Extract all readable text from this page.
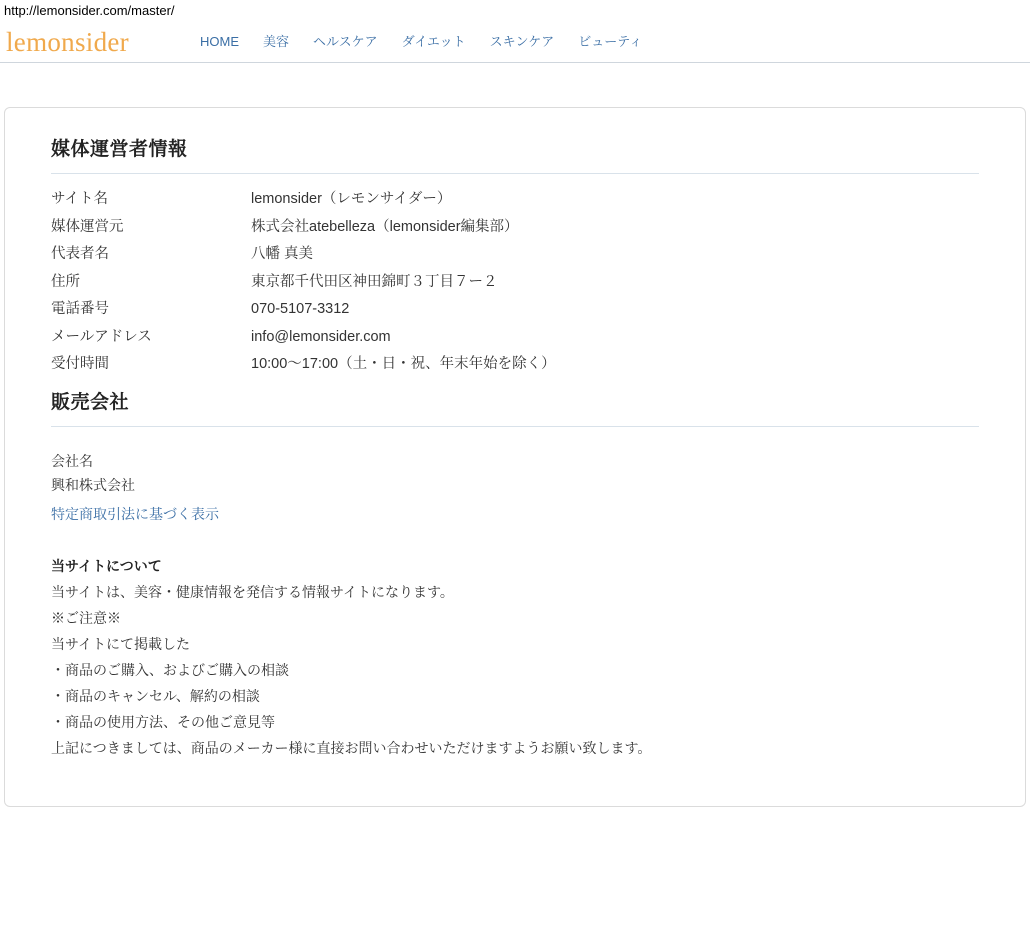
http://lemonsider.com/master/
lemonsider	HOME 美容 ヘルスケア ダイエット スキンケア ビューティ
媒体運営者情報
サイト名	lemonsider（レモンサイダー）
媒体運営元	株式会社atebelleza（lemonsider編集部）
代表者名	八幡 真美
住所	東京都千代田区神田錦町３丁目７ー２
電話番号	070-5107-3312
メールアドレス	info@lemonsider.com
受付時間	10:00〜17:00（土・日・祝、年末年始を除く）
販売会社
会社名
興和株式会社
特定商取引法に基づく表示

当サイトについて

当サイトは、美容・健康情報を発信する情報サイトになります。

※ご注意※

当サイトにて掲載した

・商品のご購入、およびご購入の相談

・商品のキャンセル、解約の相談

・商品の使用方法、その他ご意見等

上記につきましては、商品のメーカー様に直接お問い合わせいただけますようお願い致します。
